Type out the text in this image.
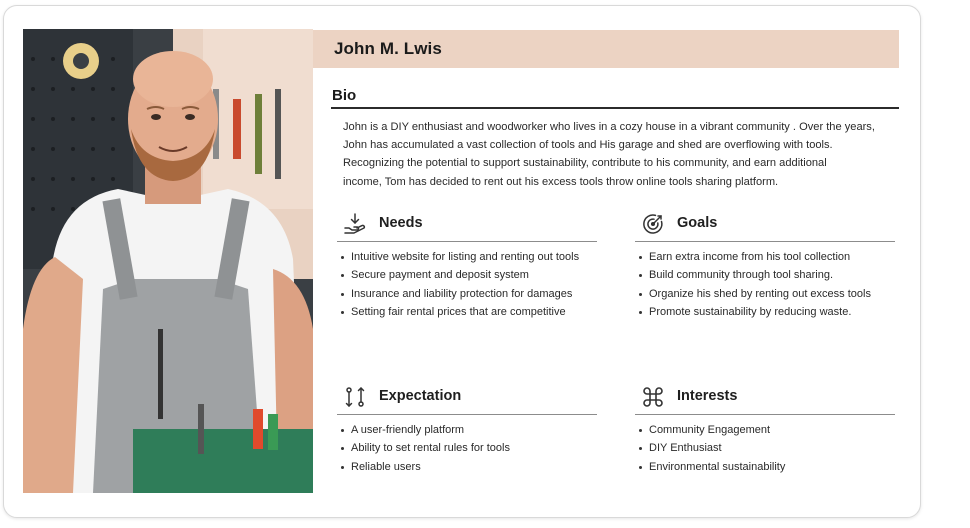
John M. Lwis
Bio
John is a DIY enthusiast and woodworker who lives in a cozy house in a vibrant community . Over the years,
John has accumulated a vast collection of tools and His garage and shed are overflowing with tools.
Recognizing the potential to support sustainability, contribute to his community, and earn additional
income, Tom has decided to rent out his excess tools throw online tools sharing platform.
Needs
Intuitive website for listing and renting out tools
Secure payment and deposit system
Insurance and liability protection for damages
Setting fair rental prices that are competitive
Goals
Earn extra income from his tool collection
Build community through tool sharing.
Organize his shed by renting out excess tools
Promote sustainability by reducing waste.
Expectation
A user-friendly platform
Ability to set rental rules for tools
Reliable users
Interests
Community Engagement
DIY Enthusiast
Environmental sustainability
